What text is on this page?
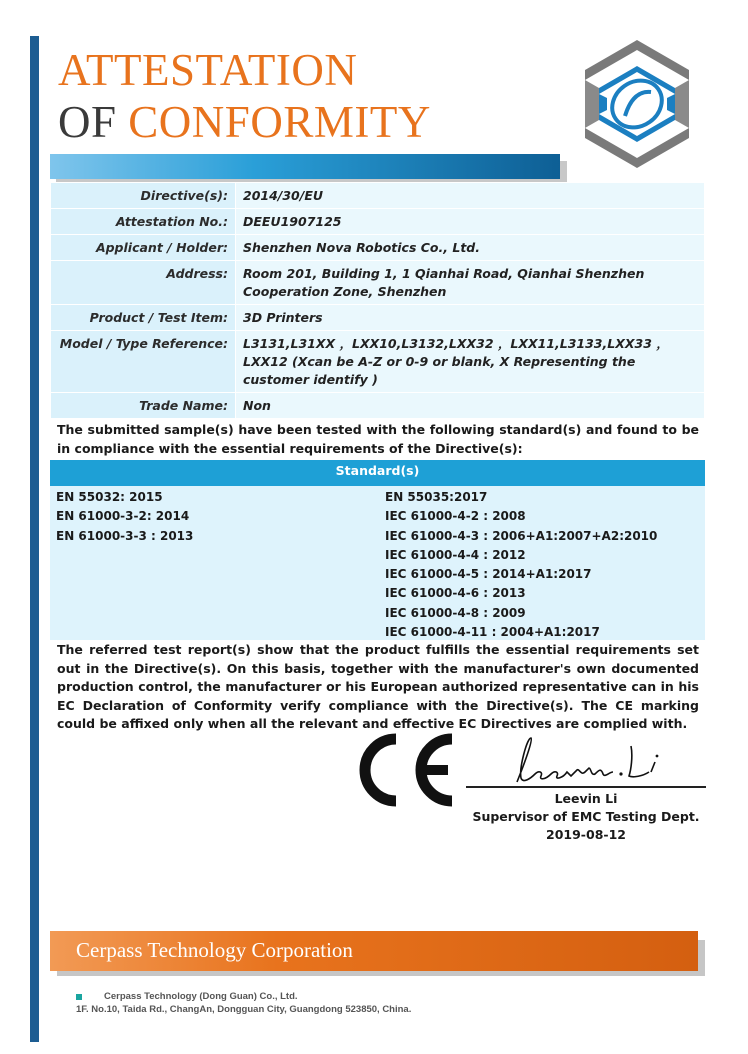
ATTESTATION
OF CONFORMITY
Directive(s):	2014/30/EU
Attestation No.:	DEEU1907125
Applicant / Holder:	Shenzhen Nova Robotics Co., Ltd.
Address:	Room 201, Building 1, 1 Qianhai Road, Qianhai Shenzhen Cooperation Zone, Shenzhen
Product / Test Item:	3D Printers
Model / Type Reference:	L3131,L31XX ，LXX10,L3132,LXX32 ，LXX11,L3133,LXX33 ，LXX12 (Xcan be A-Z or 0-9 or blank, X Representing the customer identify )
Trade Name:	Non
The submitted sample(s) have been tested with the following standard(s) and found to be in compliance with the essential requirements of the Directive(s):
Standard(s)
EN 55032: 2015
EN 61000-3-2: 2014
EN 61000-3-3 : 2013
EN 55035:2017
IEC 61000-4-2 : 2008
IEC 61000-4-3 : 2006+A1:2007+A2:2010
IEC 61000-4-4 : 2012
IEC 61000-4-5 : 2014+A1:2017
IEC 61000-4-6 : 2013
IEC 61000-4-8 : 2009
IEC 61000-4-11 : 2004+A1:2017
The referred test report(s) show that the product fulfills the essential requirements set out in the Directive(s). On this basis, together with the manufacturer's own documented production control, the manufacturer or his European authorized representative can in his EC Declaration of Conformity verify compliance with the Directive(s). The CE marking could be affixed only when all the relevant and effective EC Directives are complied with.
Leevin Li
Supervisor of EMC Testing Dept.
2019-08-12
Cerpass Technology Corporation
Cerpass Technology (Dong Guan) Co., Ltd.
1F. No.10, Taida Rd., ChangAn, Dongguan City, Guangdong 523850, China.
